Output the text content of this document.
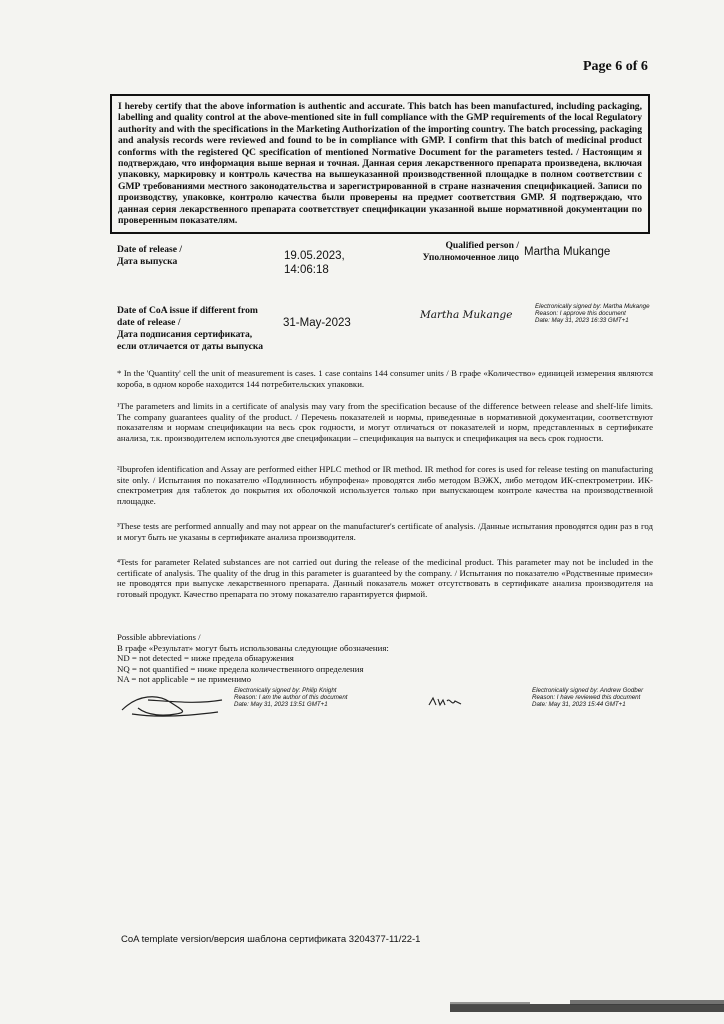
Page 6 of 6
I hereby certify that the above information is authentic and accurate. This batch has been manufactured, including packaging, labelling and quality control at the above-mentioned site in full compliance with the GMP requirements of the local Regulatory authority and with the specifications in the Marketing Authorization of the importing country. The batch processing, packaging and analysis records were reviewed and found to be in compliance with GMP. I confirm that this batch of medicinal product conforms with the registered QC specification of mentioned Normative Document for the parameters tested. / Настоящим я подтверждаю, что информация выше верная и точная. Данная серия лекарственного препарата произведена, включая упаковку, маркировку и контроль качества на вышеуказанной производственной площадке в полном соответствии с GMP требованиями местного законодательства и зарегистрированной в стране назначения спецификацией. Записи по производству, упаковке, контролю качества были проверены на предмет соответствия GMP. Я подтверждаю, что данная серия лекарственного препарата соответствует спецификации указанной выше нормативной документации по проверенным показателям.
Date of release /
Дата выпуска	19.05.2023,
14:06:18
Qualified person /
Уполномоченное лицо Martha Mukange
Date of CoA issue if different from
date of release /
Дата подписания сертификата,
если отличается от даты выпуска
31-May-2023
Martha Mukange
Electronically signed by: Martha Mukange
Reason: I approve this document
Date: May 31, 2023 16:33 GMT+1
* In the 'Quantity' cell the unit of measurement is cases. 1 case contains 144 consumer units / В графе «Количество» единицей измерения являются короба, в одном коробе находится 144 потребительских упаковки.
¹The parameters and limits in a certificate of analysis may vary from the specification because of the difference between release and shelf-life limits. The company guarantees quality of the product. / Перечень показателей и нормы, приведенные в нормативной документации, соответствуют показателям и нормам спецификации на весь срок годности, и могут отличаться от показателей и норм, представленных в сертификате анализа, т.к. производителем используются две спецификации – спецификация на выпуск и спецификация на весь срок годности.
²Ibuprofen identification and Assay are performed either HPLC method or IR method. IR method for cores is used for release testing on manufacturing site only. / Испытания по показателю «Подлинность ибупрофена» проводятся либо методом ВЭЖХ, либо методом ИК-спектрометрии. ИК-спектрометрия для таблеток до покрытия их оболочкой используется только при выпускающем контроле качества на производственной площадке.
³These tests are performed annually and may not appear on the manufacturer's certificate of analysis. /Данные испытания проводятся один раз в год и могут быть не указаны в сертификате анализа производителя.
⁴Tests for parameter Related substances are not carried out during the release of the medicinal product. This parameter may not be included in the certificate of analysis. The quality of the drug in this parameter is guaranteed by the company. / Испытания по показателю «Родственные примеси» не проводятся при выпуске лекарственного препарата. Данный показатель может отсутствовать в сертификате анализа производителя на готовый продукт. Качество препарата по этому показателю гарантируется фирмой.
Possible abbreviations /
В графе «Результат» могут быть использованы следующие обозначения:
ND = not detected = ниже предела обнаружения
NQ = not quantified = ниже предела количественного определения
NA = not applicable = не применимо
Electronically signed by: Philip Knight
Reason: I am the author of this document
Date: May 31, 2023 13:51 GMT+1
Electronically signed by: Andrew Godber
Reason: I have reviewed this document
Date: May 31, 2023 15:44 GMT+1
CoA template version/версия шаблона сертификата 3204377-11/22-1
